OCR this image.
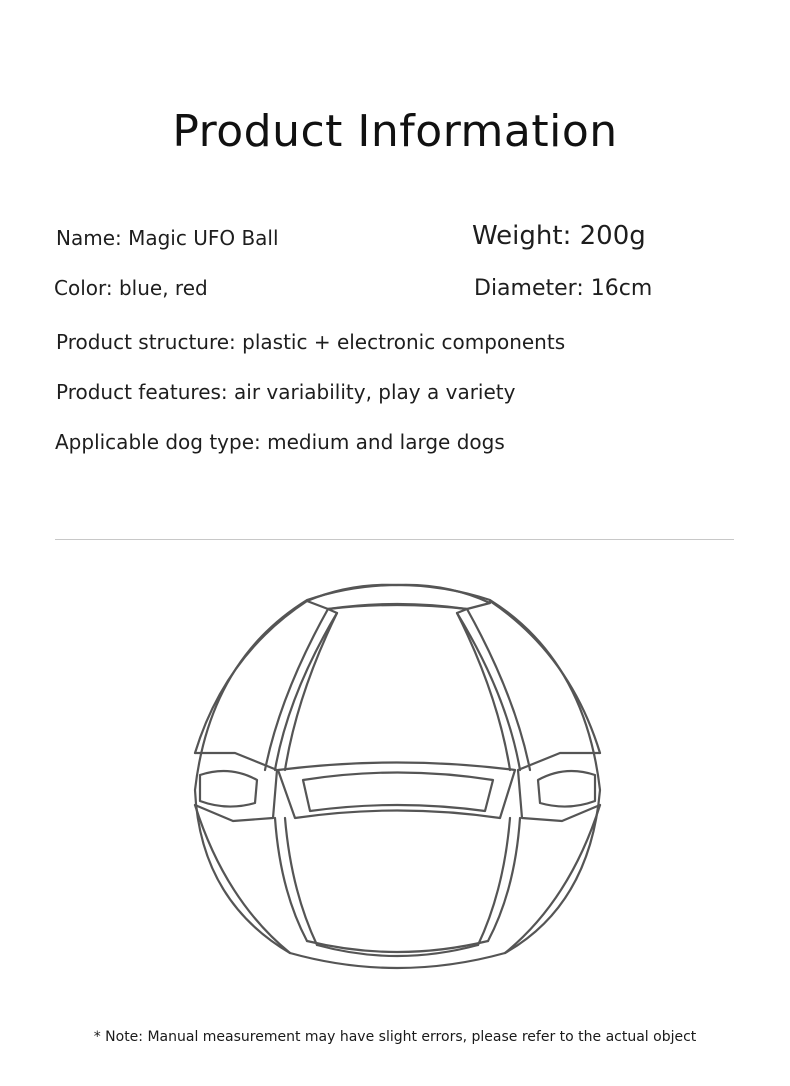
Product Information
Name: Magic UFO Ball	Weight: 200g
Color: blue, red	Diameter: 16cm
Product structure: plastic + electronic components
Product features: air variability, play a variety
Applicable dog type: medium and large dogs
* Note: Manual measurement may have slight errors, please refer to the actual object
